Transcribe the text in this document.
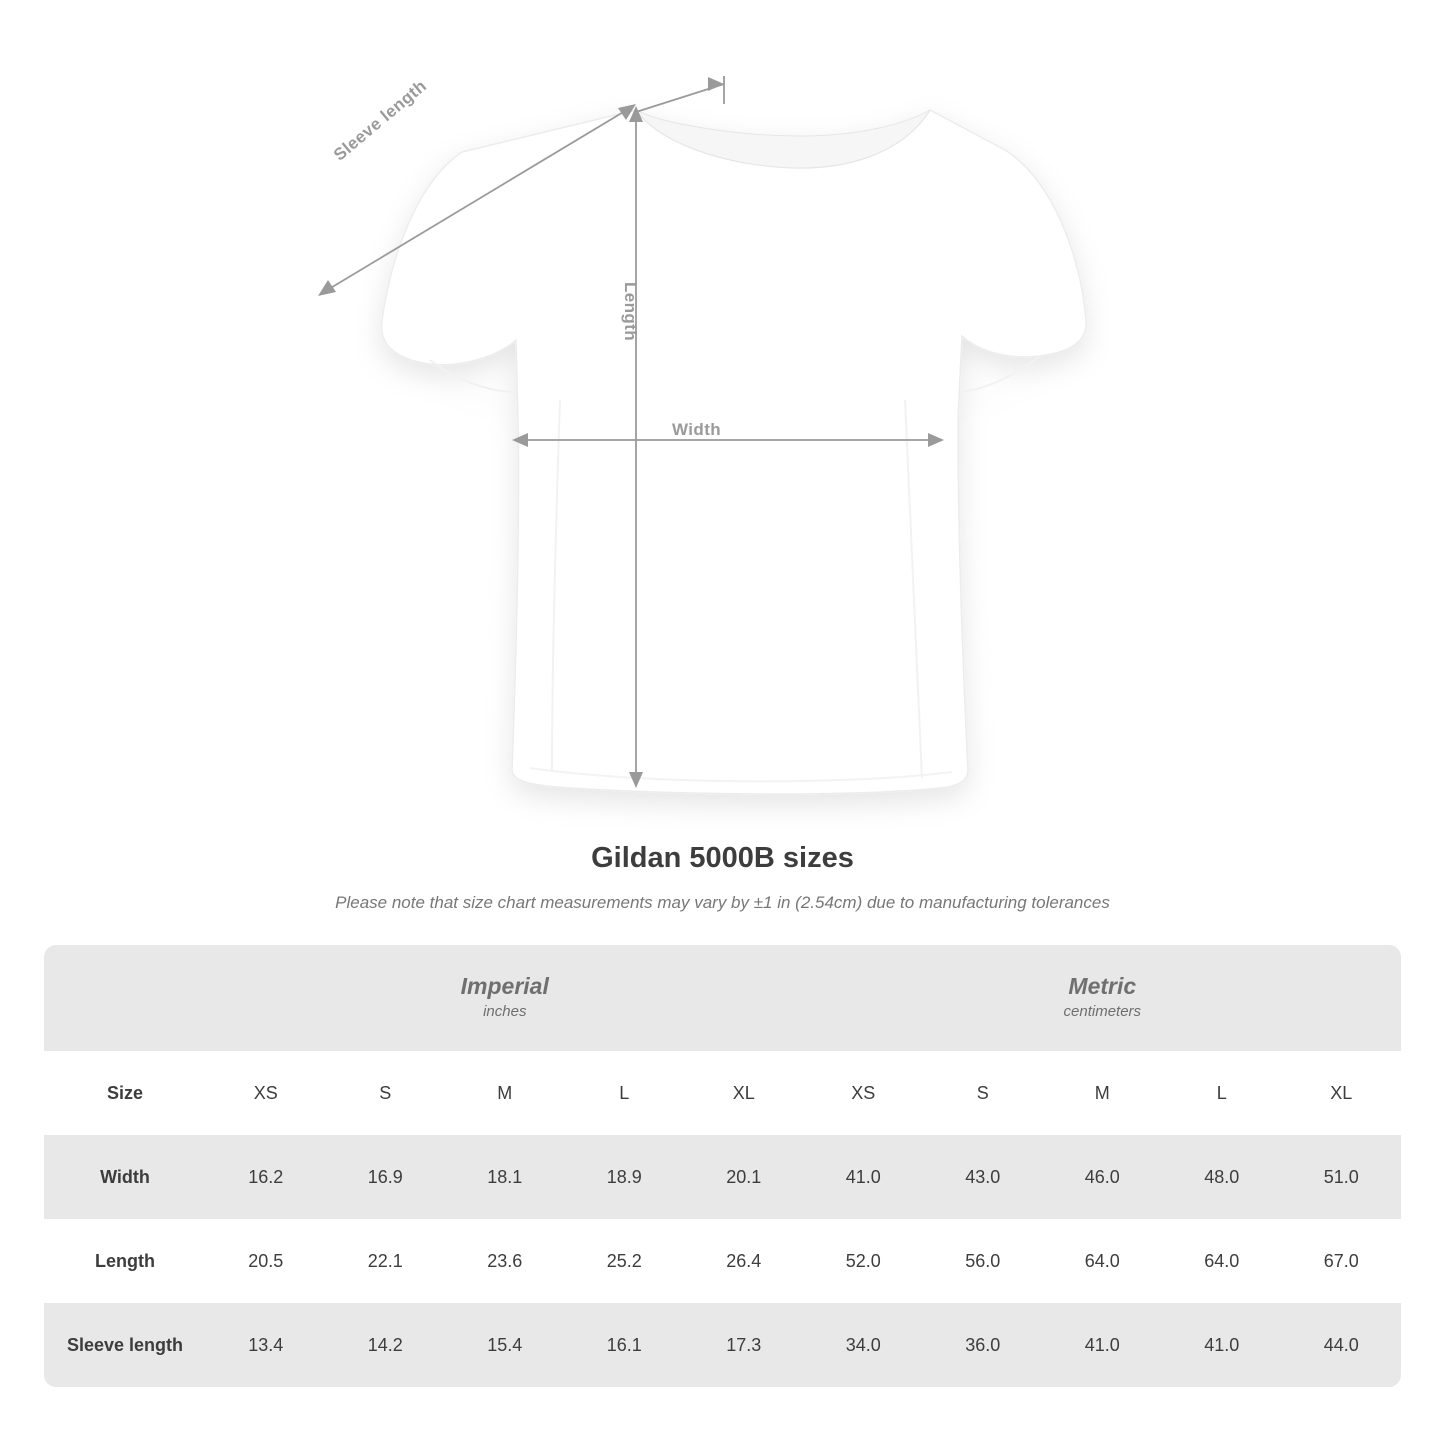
Width
Length
Sleeve length
Gildan 5000B sizes

Please note that size chart measurements may vary by ±1 in (2.54cm) due to manufacturing tolerances

Imperial
inches

Metric
centimeters

Size	XS	S	M	L	XL	XS	S	M	L	XL
Width	16.2	16.9	18.1	18.9	20.1	41.0	43.0	46.0	48.0	51.0
Length	20.5	22.1	23.6	25.2	26.4	52.0	56.0	64.0	64.0	67.0
Sleeve length	13.4	14.2	15.4	16.1	17.3	34.0	36.0	41.0	41.0	44.0
